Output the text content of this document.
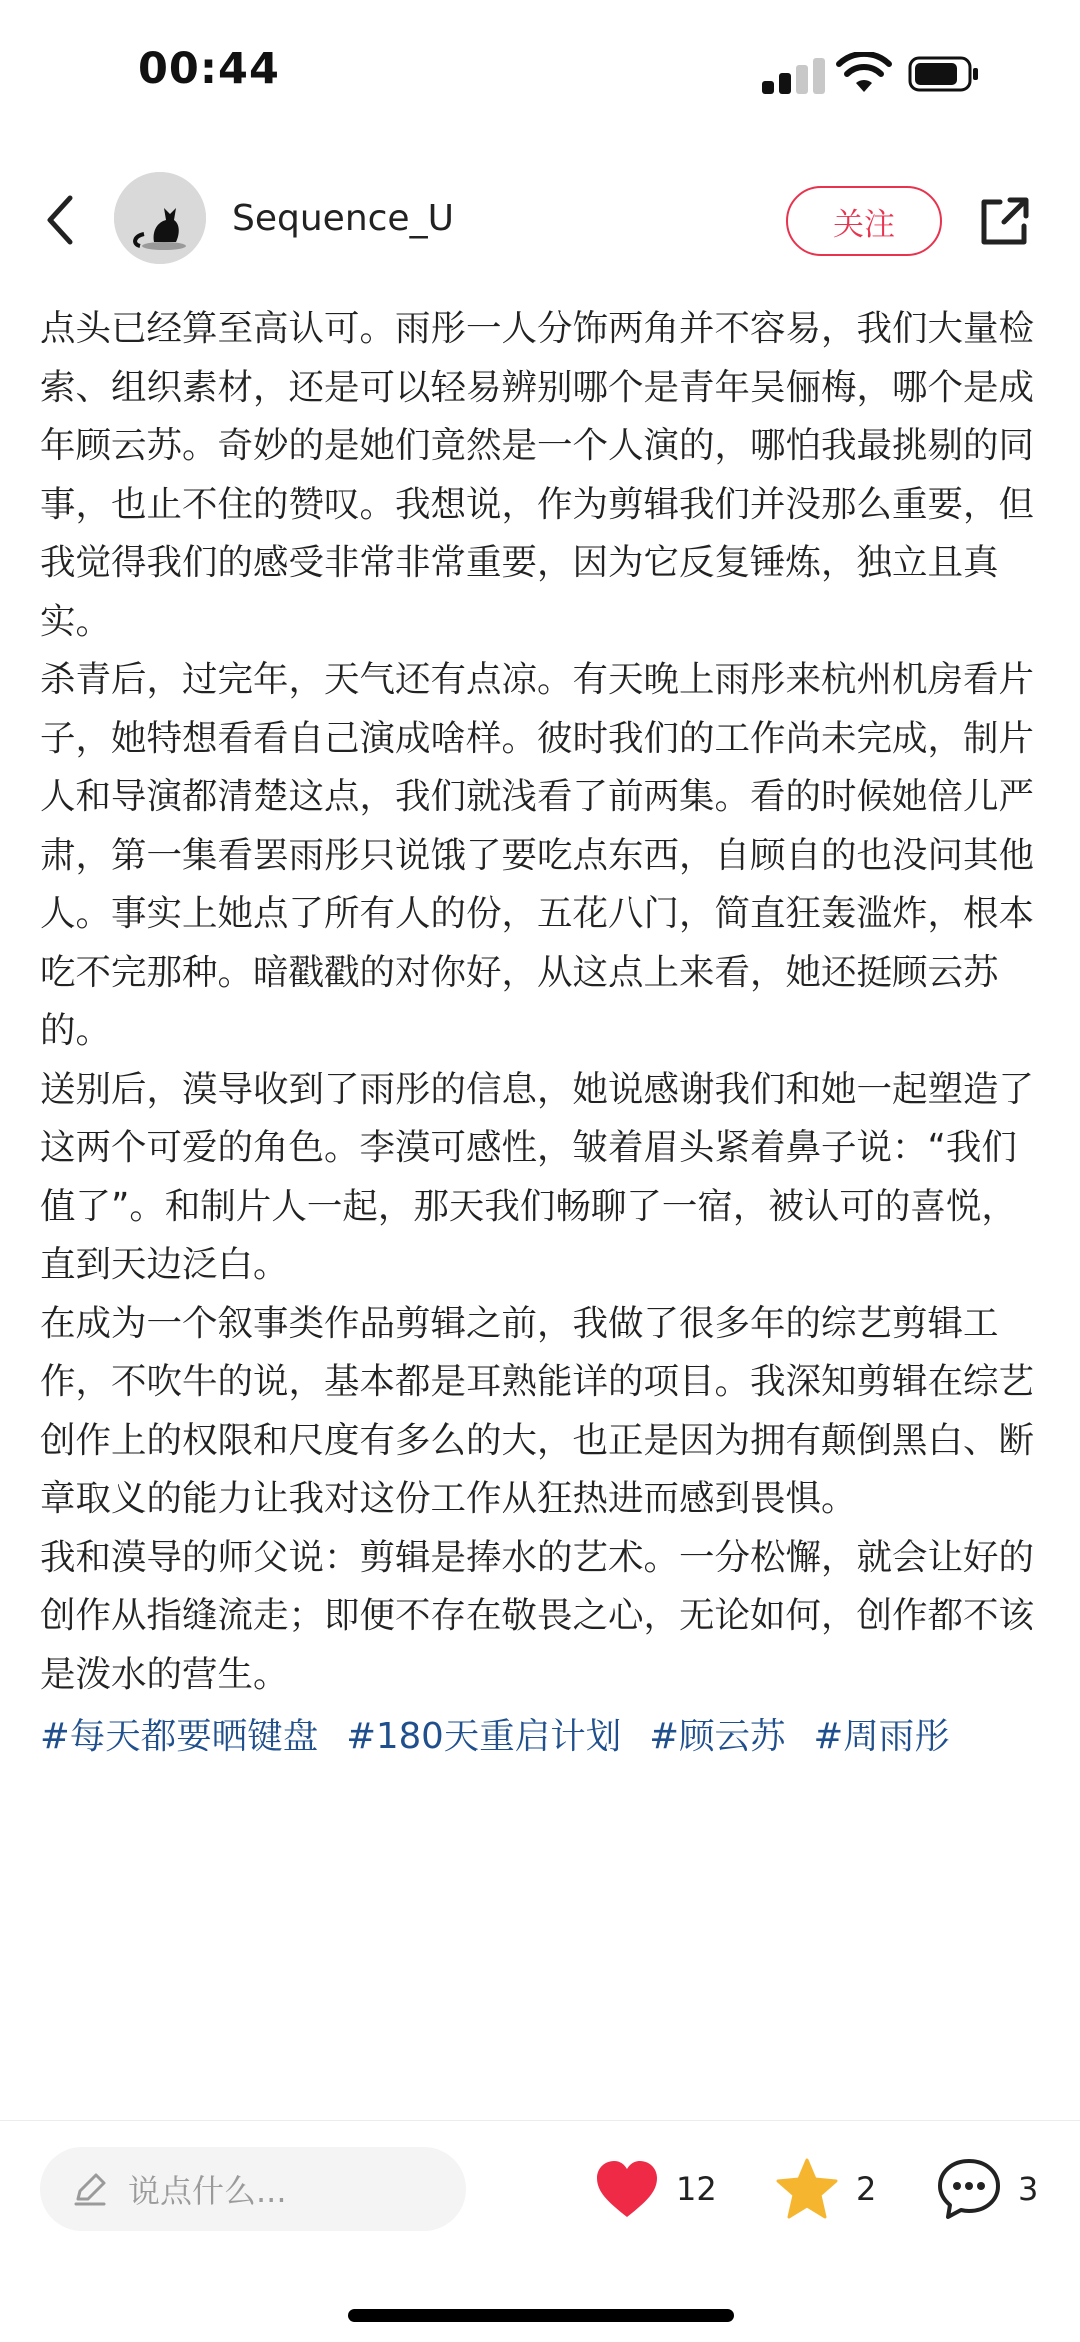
00:44
Sequence_U	关注

点头已经算至高认可。雨彤一人分饰两角并不容易，我们大量检索、组织素材，还是可以轻易辨别哪个是青年吴俪梅，哪个是成年顾云苏。奇妙的是她们竟然是一个人演的，哪怕我最挑剔的同事，也止不住的赞叹。我想说，作为剪辑我们并没那么重要，但我觉得我们的感受非常非常重要，因为它反复锤炼，独立且真实。

杀青后，过完年，天气还有点凉。有天晚上雨彤来杭州机房看片子，她特想看看自己演成啥样。彼时我们的工作尚未完成，制片人和导演都清楚这点，我们就浅看了前两集。看的时候她倍儿严肃，第一集看罢雨彤只说饿了要吃点东西，自顾自的也没问其他人。事实上她点了所有人的份，五花八门，简直狂轰滥炸，根本吃不完那种。暗戳戳的对你好，从这点上来看，她还挺顾云苏的。

送别后，漠导收到了雨彤的信息，她说感谢我们和她一起塑造了这两个可爱的角色。李漠可感性，皱着眉头紧着鼻子说：“我们值了”。和制片人一起，那天我们畅聊了一宿，被认可的喜悦，直到天边泛白。

在成为一个叙事类作品剪辑之前，我做了很多年的综艺剪辑工作，不吹牛的说，基本都是耳熟能详的项目。我深知剪辑在综艺创作上的权限和尺度有多么的大，也正是因为拥有颠倒黑白、断章取义的能力让我对这份工作从狂热进而感到畏惧。

我和漠导的师父说：剪辑是捧水的艺术。一分松懈，就会让好的创作从指缝流走；即便不存在敬畏之心，无论如何，创作都不该是泼水的营生。

#每天都要晒键盘 #180天重启计划 #顾云苏 #周雨彤
说点什么...	12	2	3
